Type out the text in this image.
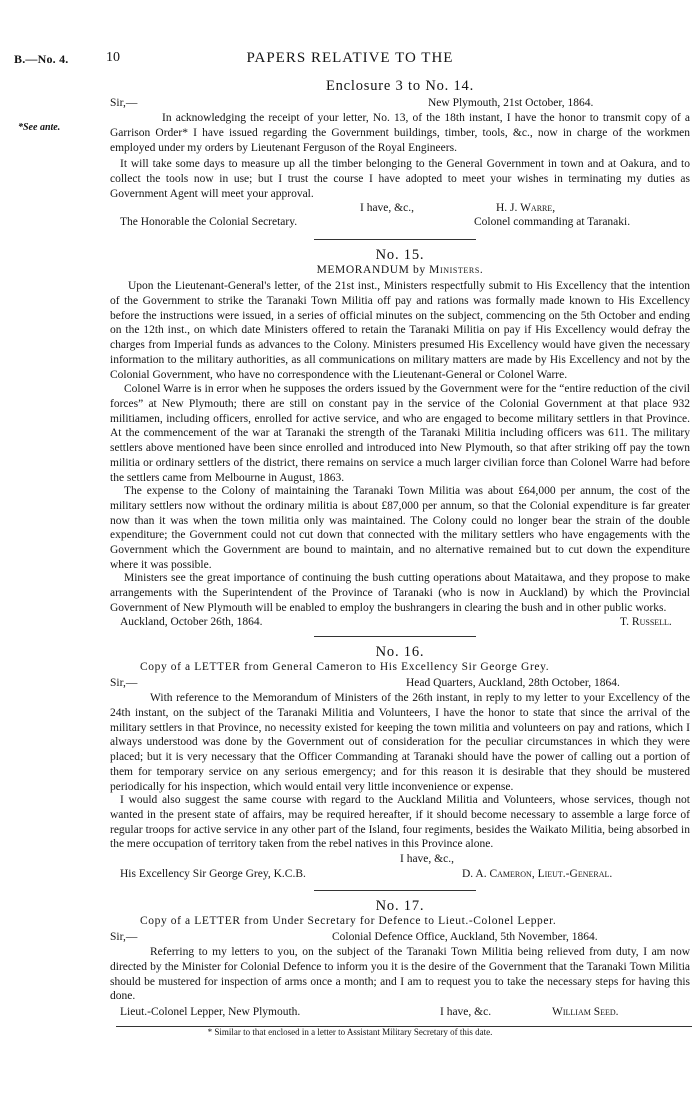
B.—No. 4.	10	PAPERS RELATIVE TO THE
*See ante.
Enclosure 3 to No. 14.
Sir,—	New Plymouth, 21st October, 1864.
In acknowledging the receipt of your letter, No. 13, of the 18th instant, I have the honor to transmit copy of a Garrison Order* I have issued regarding the Government buildings, timber, tools, &c., now in charge of the workmen employed under my orders by Lieutenant Ferguson of the Royal Engineers.
It will take some days to measure up all the timber belonging to the General Government in town and at Oakura, and to collect the tools now in use; but I trust the course I have adopted to meet your wishes in terminating my duties as Government Agent will meet your approval.
I have, &c.,	H. J. Warre,
The Honorable the Colonial Secretary.	Colonel commanding at Taranaki.
No. 15.
MEMORANDUM by Ministers.
Upon the Lieutenant-General's letter, of the 21st inst., Ministers respectfully submit to His Excellency that the intention of the Government to strike the Taranaki Town Militia off pay and rations was formally made known to His Excellency before the instructions were issued, in a series of official minutes on the subject, commencing on the 5th October and ending on the 12th inst., on which date Ministers offered to retain the Taranaki Militia on pay if His Excellency would defray the charges from Imperial funds as advances to the Colony. Ministers presumed His Excellency would have given the necessary information to the military authorities, as all communications on military matters are made by His Excellency and not by the Colonial Government, who have no correspondence with the Lieutenant-General or Colonel Warre.
Colonel Warre is in error when he supposes the orders issued by the Government were for the “entire reduction of the civil forces” at New Plymouth; there are still on constant pay in the service of the Colonial Government at that place 932 militiamen, including officers, enrolled for active service, and who are engaged to become military settlers in that Province. At the commencement of the war at Taranaki the strength of the Taranaki Militia including officers was 611. The military settlers above mentioned have been since enrolled and introduced into New Plymouth, so that after striking off pay the town militia or ordinary settlers of the district, there remains on service a much larger civilian force than Colonel Warre had before the settlers came from Melbourne in August, 1863.
The expense to the Colony of maintaining the Taranaki Town Militia was about £64,000 per annum, the cost of the military settlers now without the ordinary militia is about £87,000 per annum, so that the Colonial expenditure is far greater now than it was when the town militia only was maintained. The Colony could no longer bear the strain of the double expenditure; the Government could not cut down that connected with the military settlers who have engagements with the Government which the Government are bound to maintain, and no alternative remained but to cut down the expenditure where it was possible.
Ministers see the great importance of continuing the bush cutting operations about Mataitawa, and they propose to make arrangements with the Superintendent of the Province of Taranaki (who is now in Auckland) by which the Provincial Government of New Plymouth will be enabled to employ the bushrangers in clearing the bush and in other public works.
Auckland, October 26th, 1864.	T. Russell.
No. 16.
Copy of a LETTER from General Cameron to His Excellency Sir George Grey.
Sir,—	Head Quarters, Auckland, 28th October, 1864.
With reference to the Memorandum of Ministers of the 26th instant, in reply to my letter to your Excellency of the 24th instant, on the subject of the Taranaki Militia and Volunteers, I have the honor to state that since the arrival of the military settlers in that Province, no necessity existed for keeping the town militia and volunteers on pay and rations, which I always understood was done by the Government out of consideration for the peculiar circumstances in which they were placed; but it is very necessary that the Officer Commanding at Taranaki should have the power of calling out a portion of them for temporary service on any serious emergency; and for this reason it is desirable that they should be mustered periodically for his inspection, which would entail very little inconvenience or expense.
I would also suggest the same course with regard to the Auckland Militia and Volunteers, whose services, though not wanted in the present state of affairs, may be required hereafter, if it should become necessary to assemble a large force of regular troops for active service in any other part of the Island, four regiments, besides the Waikato Militia, being absorbed in the mere occupation of territory taken from the rebel natives in this Province alone.
I have, &c.,
His Excellency Sir George Grey, K.C.B.	D. A. Cameron, Lieut.-General.
No. 17.
Copy of a LETTER from Under Secretary for Defence to Lieut.-Colonel Lepper.
Sir,—	Colonial Defence Office, Auckland, 5th November, 1864.
Referring to my letters to you, on the subject of the Taranaki Town Militia being relieved from duty, I am now directed by the Minister for Colonial Defence to inform you it is the desire of the Government that the Taranaki Town Militia should be mustered for inspection of arms once a month; and I am to request you to take the necessary steps for having this done.
Lieut.-Colonel Lepper, New Plymouth.	I have, &c.	William Seed.
* Similar to that enclosed in a letter to Assistant Military Secretary of this date.
